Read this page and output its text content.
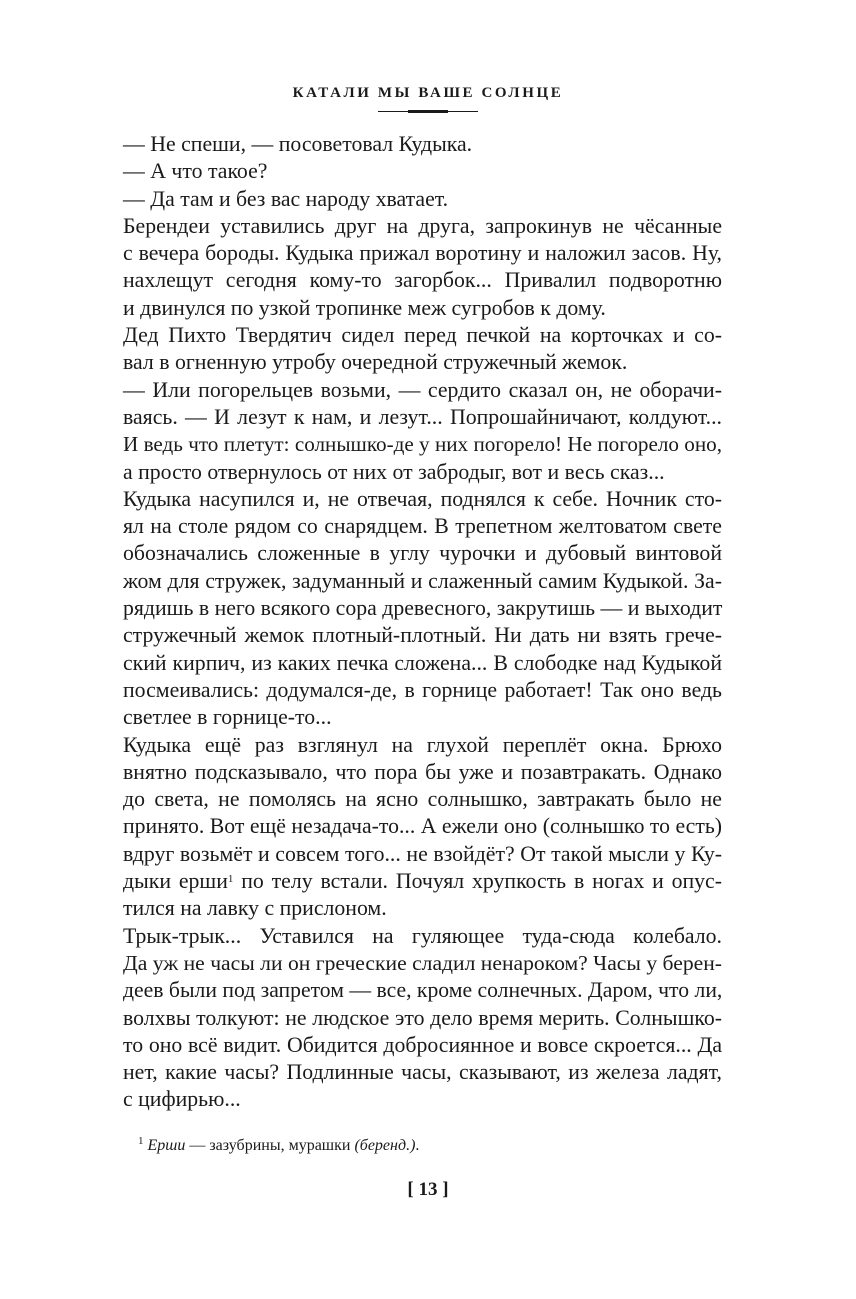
КАТАЛИ МЫ ВАШЕ СОЛНЦЕ
— Не спеши, — посоветовал Кудыка.
— А что такое?
— Да там и без вас народу хватает.
Берендеи уставились друг на друга, запрокинув не чёсанные
с вечера бороды. Кудыка прижал воротину и наложил засов. Ну,
нахлещут сегодня кому-то загорбок... Привалил подворотню
и двинулся по узкой тропинке меж сугробов к дому.
Дед Пихто Твердятич сидел перед печкой на корточках и со-
вал в огненную утробу очередной стружечный жемок.
— Или погорельцев возьми, — сердито сказал он, не оборачи-
ваясь. — И лезут к нам, и лезут... Попрошайничают, колдуют...
И ведь что плетут: солнышко-де у них погорело! Не погорело оно,
а просто отвернулось от них от забродыг, вот и весь сказ...
Кудыка насупился и, не отвечая, поднялся к себе. Ночник сто-
ял на столе рядом со снарядцем. В трепетном желтоватом свете
обозначались сложенные в углу чурочки и дубовый винтовой
жом для стружек, задуманный и слаженный самим Кудыкой. За-
рядишь в него всякого сора древесного, закрутишь — и выходит
стружечный жемок плотный-плотный. Ни дать ни взять грече-
ский кирпич, из каких печка сложена... В слободке над Кудыкой
посмеивались: додумался-де, в горнице работает! Так оно ведь
светлее в горнице-то...
Кудыка ещё раз взглянул на глухой переплёт окна. Брюхо
внятно подсказывало, что пора бы уже и позавтракать. Однако
до света, не помолясь на ясно солнышко, завтракать было не
принято. Вот ещё незадача-то... А ежели оно (солнышко то есть)
вдруг возьмёт и совсем того... не взойдёт? От такой мысли у Ку-
дыки ерши$^1$ по телу встали. Почуял хрупкость в ногах и опус-
тился на лавку с прислоном.
Трык-трык... Уставился на гуляющее туда-сюда колебало.
Да уж не часы ли он греческие сладил ненароком? Часы у берен-
деев были под запретом — все, кроме солнечных. Даром, что ли,
волхвы толкуют: не людское это дело время мерить. Солнышко-
то оно всё видит. Обидится добросиянное и вовсе скроется... Да
нет, какие часы? Подлинные часы, сказывают, из железа ладят,
с цифирью...
$^1$ Ерши — зазубрины, мурашки (беренд.).
[ 13 ]
